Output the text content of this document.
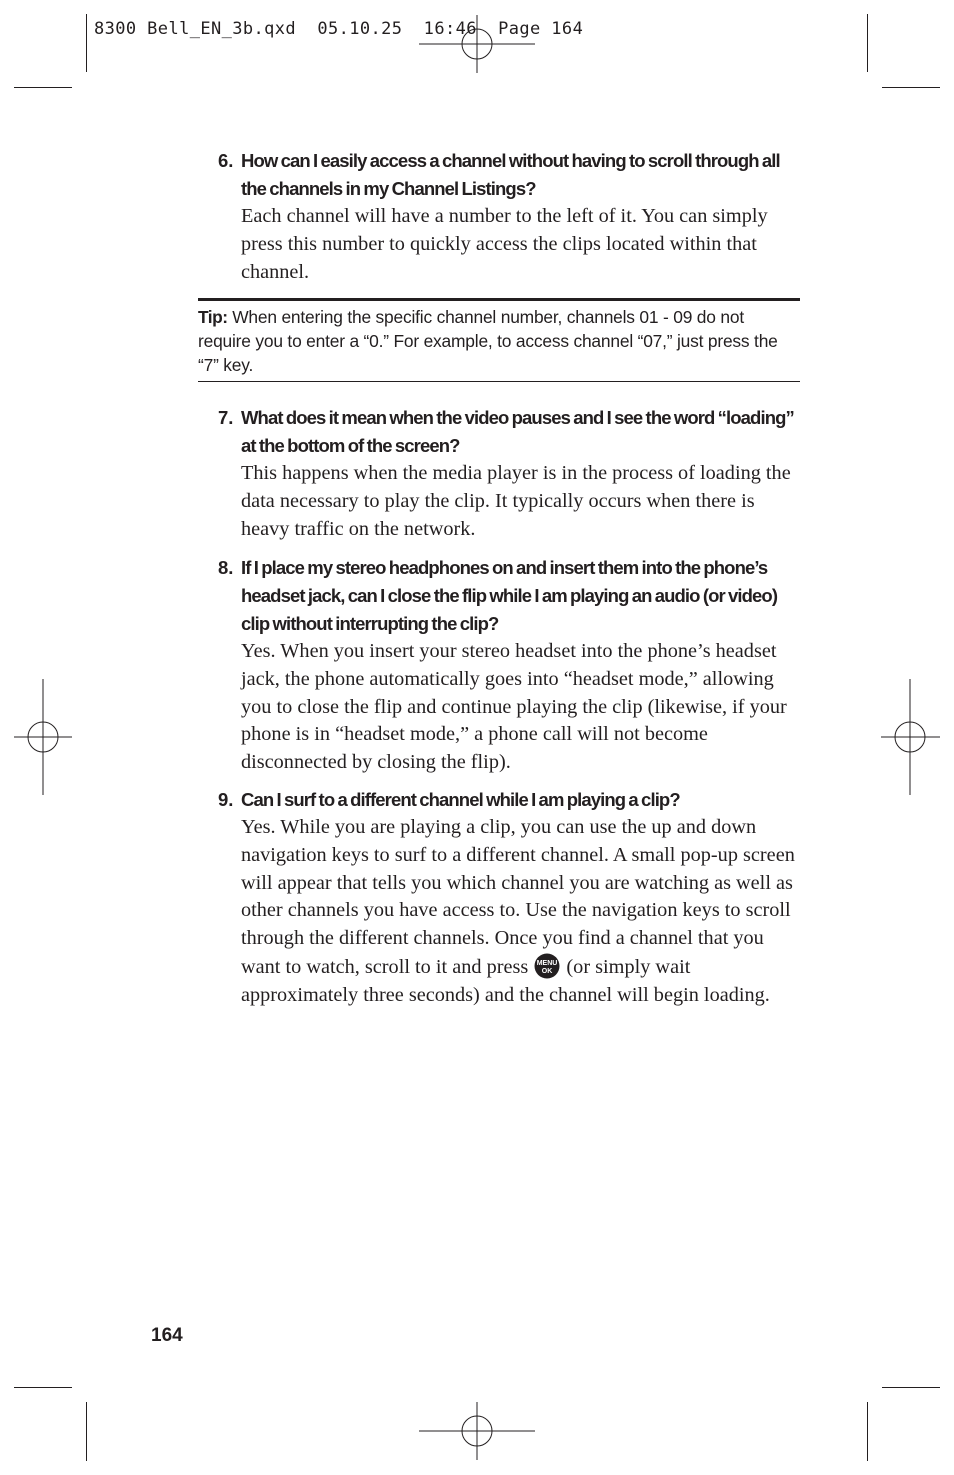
8300 Bell_EN_3b.qxd  05.10.25  16:46  Page 164
6. How can I easily access a channel without having to scroll through all the channels in my Channel Listings?
Each channel will have a number to the left of it. You can simply press this number to quickly access the clips located within that channel.
Tip: When entering the specific channel number, channels 01 - 09 do not require you to enter a “0.” For example, to access channel “07,” just press the “7” key.
7. What does it mean when the video pauses and I see the word “loading” at the bottom of the screen?
This happens when the media player is in the process of loading the data necessary to play the clip. It typically occurs when there is heavy traffic on the network.
8. If I place my stereo headphones on and insert them into the phone’s headset jack, can I close the flip while I am playing an audio (or video) clip without interrupting the clip?
Yes. When you insert your stereo headset into the phone’s headset jack, the phone automatically goes into “headset mode,” allowing you to close the flip and continue playing the clip (likewise, if your phone is in “headset mode,” a phone call will not become disconnected by closing the flip).
9. Can I surf to a different channel while I am playing a clip?
Yes. While you are playing a clip, you can use the up and down navigation keys to surf to a different channel. A small pop-up screen will appear that tells you which channel you are watching as well as other channels you have access to. Use the navigation keys to scroll through the different channels. Once you find a channel that you want to watch, scroll to it and press MENU
OK (or simply wait approximately three seconds) and the channel will begin loading.
164
